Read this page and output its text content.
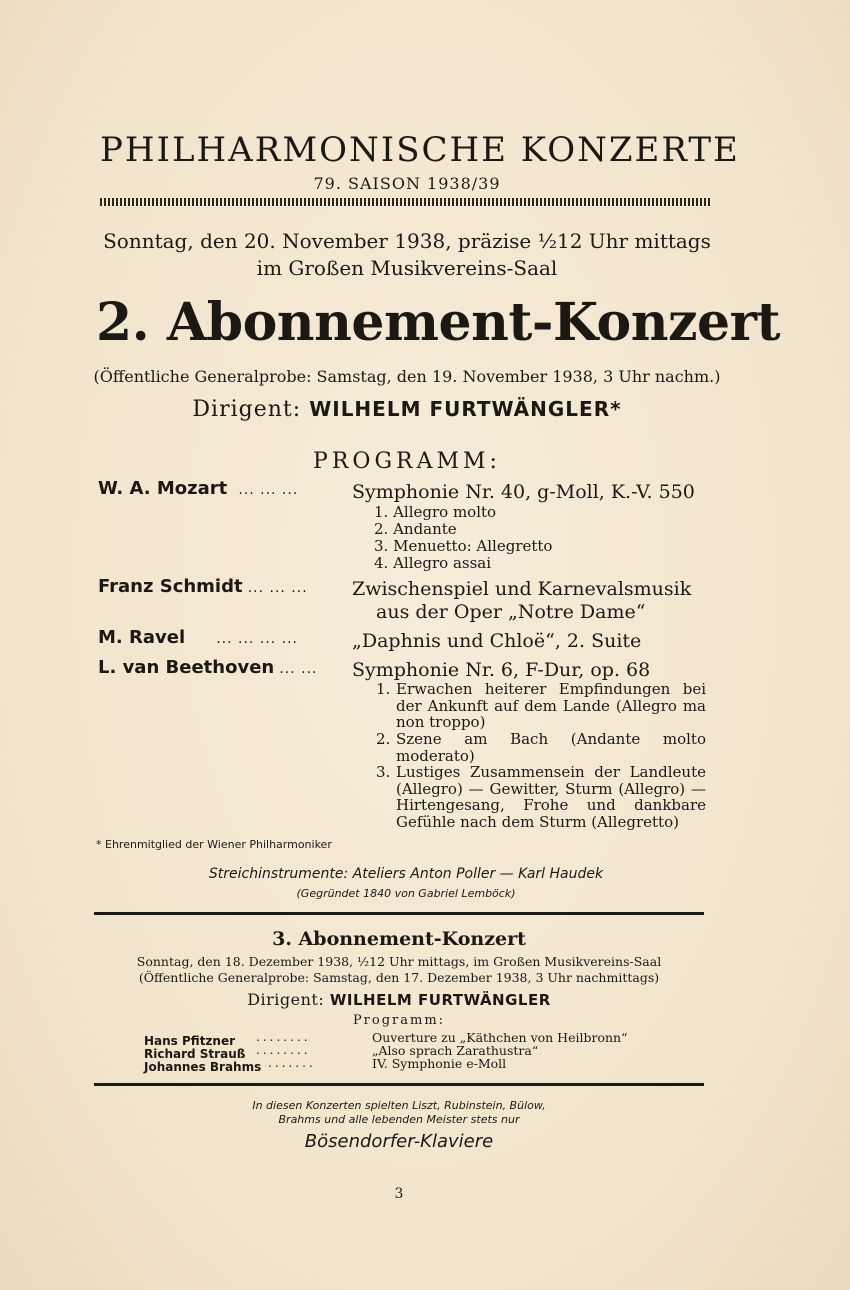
PHILHARMONISCHE KONZERTE
79. SAISON 1938/39
Sonntag, den 20. November 1938, präzise ½12 Uhr mittags
im Großen Musikvereins-Saal
2. Abonnement-Konzert
(Öffentliche Generalprobe: Samstag, den 19. November 1938, 3 Uhr nachm.)
Dirigent: WILHELM FURTWÄNGLER*
PROGRAMM:
W. A. Mozart ... ... ...	Symphonie Nr. 40, g-Moll, K.-V. 550
1. Allegro molto
2. Andante
3. Menuetto: Allegretto
4. Allegro assai
Franz Schmidt ... ... ... Zwischenspiel und Karnevalsmusik
aus der Oper „Notre Dame“
M. Ravel ... ... ... ...	„Daphnis und Chloë“, 2. Suite
L. van Beethoven ... ... Symphonie Nr. 6, F-Dur, op. 68
1. Erwachen heiterer Empfindungen bei der Ankunft auf dem Lande (Allegro ma non troppo)
2. Szene am Bach (Andante molto moderato)
3. Lustiges Zusammensein der Landleute (Allegro) — Gewitter, Sturm (Allegro) — Hirtengesang, Frohe und dankbare Gefühle nach dem Sturm (Allegretto)
* Ehrenmitglied der Wiener Philharmoniker
Streichinstrumente: Ateliers Anton Poller — Karl Haudek
(Gegründet 1840 von Gabriel Lemböck)
3. Abonnement-Konzert
Sonntag, den 18. Dezember 1938, ½12 Uhr mittags, im Großen Musikvereins-Saal
(Öffentliche Generalprobe: Samstag, den 17. Dezember 1938, 3 Uhr nachmittags)
Dirigent: WILHELM FURTWÄNGLER
Programm:
Hans Pfitzner ........	Ouverture zu „Käthchen von Heilbronn“
Richard Strauß ........	„Also sprach Zarathustra“
Johannes Brahms .......	IV. Symphonie e-Moll
In diesen Konzerten spielten Liszt, Rubinstein, Bülow,
Brahms und alle lebenden Meister stets nur
Bösendorfer-Klaviere
3
